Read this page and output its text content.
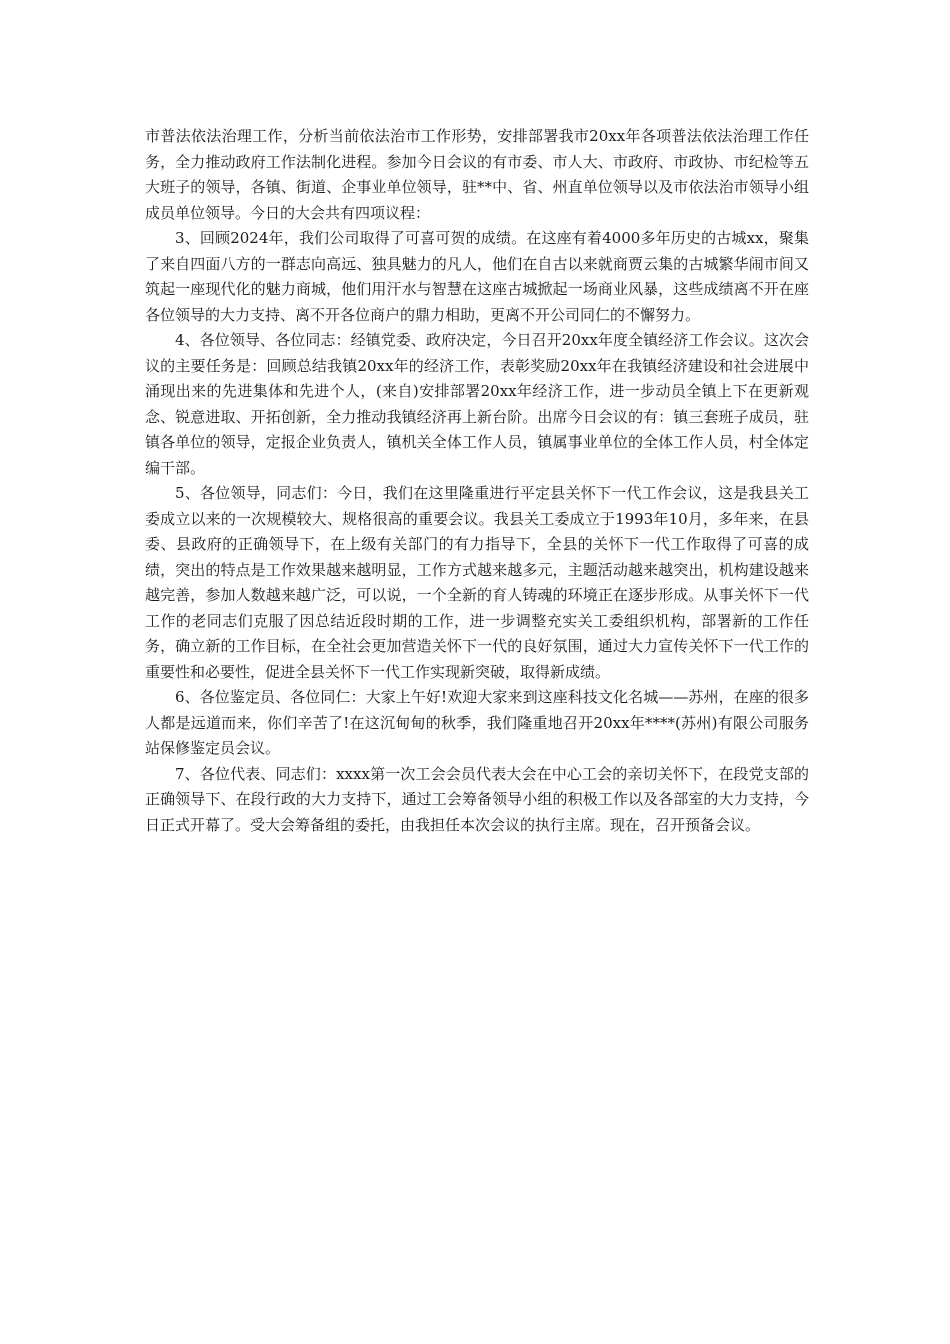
市普法依法治理工作，分析当前依法治市工作形势，安排部署我市20xx年各项普法依法治理工作任务，全力推动政府工作法制化进程。参加今日会议的有市委、市人大、市政府、市政协、市纪检等五大班子的领导，各镇、街道、企事业单位领导，驻**中、省、州直单位领导以及市依法治市领导小组成员单位领导。今日的大会共有四项议程：

3、回顾2024年，我们公司取得了可喜可贺的成绩。在这座有着4000多年历史的古城xx，聚集了来自四面八方的一群志向高远、独具魅力的凡人，他们在自古以来就商贾云集的古城繁华闹市间又筑起一座现代化的魅力商城，他们用汗水与智慧在这座古城掀起一场商业风暴，这些成绩离不开在座各位领导的大力支持、离不开各位商户的鼎力相助，更离不开公司同仁的不懈努力。

4、各位领导、各位同志：经镇党委、政府决定，今日召开20xx年度全镇经济工作会议。这次会议的主要任务是：回顾总结我镇20xx年的经济工作，表彰奖励20xx年在我镇经济建设和社会进展中涌现出来的先进集体和先进个人，(来自)安排部署20xx年经济工作，进一步动员全镇上下在更新观念、锐意进取、开拓创新，全力推动我镇经济再上新台阶。出席今日会议的有：镇三套班子成员，驻镇各单位的领导，定报企业负责人，镇机关全体工作人员，镇属事业单位的全体工作人员，村全体定编干部。

5、各位领导，同志们：今日，我们在这里隆重进行平定县关怀下一代工作会议，这是我县关工委成立以来的一次规模较大、规格很高的重要会议。我县关工委成立于1993年10月，多年来，在县委、县政府的正确领导下，在上级有关部门的有力指导下，全县的关怀下一代工作取得了可喜的成绩，突出的特点是工作效果越来越明显，工作方式越来越多元，主题活动越来越突出，机构建设越来越完善，参加人数越来越广泛，可以说，一个全新的育人铸魂的环境正在逐步形成。从事关怀下一代工作的老同志们克服了因总结近段时期的工作，进一步调整充实关工委组织机构，部署新的工作任务，确立新的工作目标，在全社会更加营造关怀下一代的良好氛围，通过大力宣传关怀下一代工作的重要性和必要性，促进全县关怀下一代工作实现新突破，取得新成绩。

6、各位鉴定员、各位同仁：大家上午好!欢迎大家来到这座科技文化名城——苏州，在座的很多人都是远道而来，你们辛苦了!在这沉甸甸的秋季，我们隆重地召开20xx年****(苏州)有限公司服务站保修鉴定员会议。

7、各位代表、同志们：xxxx第一次工会会员代表大会在中心工会的亲切关怀下，在段党支部的正确领导下、在段行政的大力支持下，通过工会筹备领导小组的积极工作以及各部室的大力支持，今日正式开幕了。受大会筹备组的委托，由我担任本次会议的执行主席。现在，召开预备会议。
